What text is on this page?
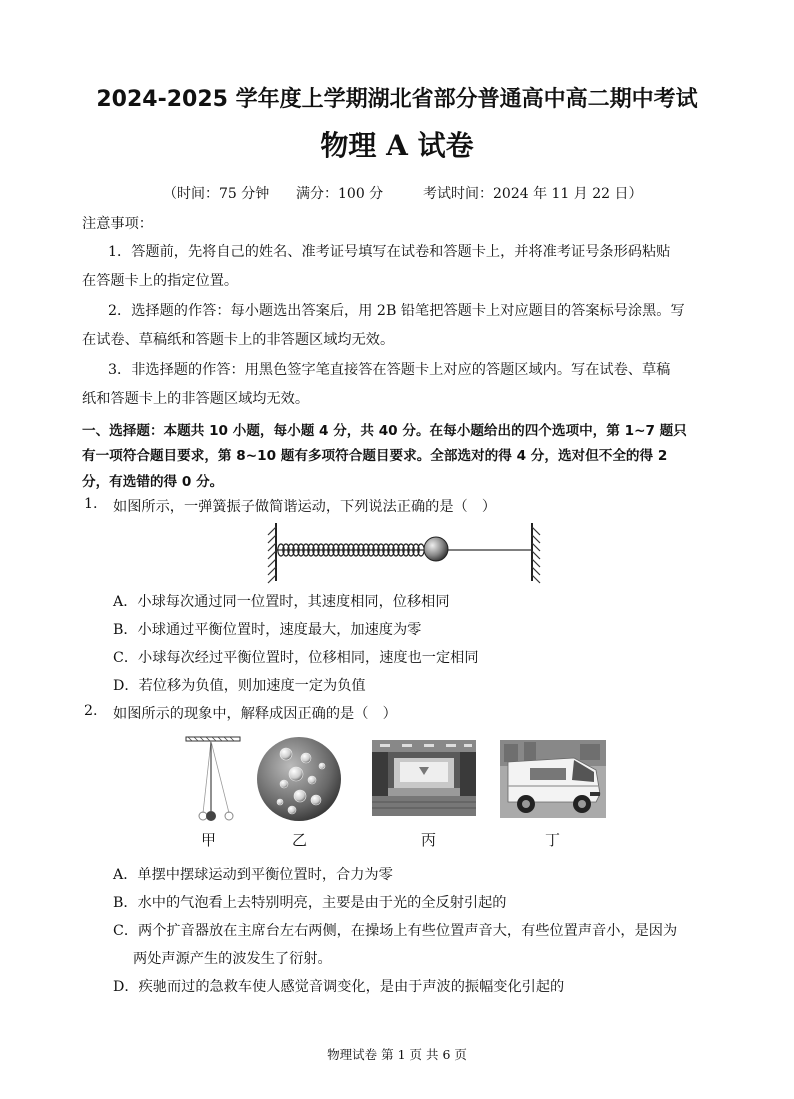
2024-2025 学年度上学期湖北省部分普通高中高二期中考试
物理 A 试卷
（时间：75 分钟 满分：100 分	考试时间：2024 年 11 月 22 日）
注意事项：
1．答题前，先将自己的姓名、准考证号填写在试卷和答题卡上，并将准考证号条形码粘贴
在答题卡上的指定位置。
2．选择题的作答：每小题选出答案后，用 2B 铅笔把答题卡上对应题目的答案标号涂黑。写
在试卷、草稿纸和答题卡上的非答题区域均无效。
3．非选择题的作答：用黑色签字笔直接答在答题卡上对应的答题区域内。写在试卷、草稿
纸和答题卡上的非答题区域均无效。
一、选择题：本题共 10 小题，每小题 4 分，共 40 分。在每小题给出的四个选项中，第 1~7 题只
有一项符合题目要求，第 8~10 题有多项符合题目要求。全部选对的得 4 分，选对但不全的得 2
分，有选错的得 0 分。
1. 如图所示，一弹簧振子做简谐运动，下列说法正确的是（　）
A．小球每次通过同一位置时，其速度相同，位移相同
B．小球通过平衡位置时，速度最大，加速度为零
C．小球每次经过平衡位置时，位移相同，速度也一定相同
D．若位移为负值，则加速度一定为负值
2. 如图所示的现象中，解释成因正确的是（　）
甲	乙	丙	丁
A．单摆中摆球运动到平衡位置时，合力为零
B．水中的气泡看上去特别明亮，主要是由于光的全反射引起的
C．两个扩音器放在主席台左右两侧，在操场上有些位置声音大，有些位置声音小，是因为
两处声源产生的波发生了衍射。
D．疾驰而过的急救车使人感觉音调变化，是由于声波的振幅变化引起的
物理试卷 第 1 页 共 6 页
